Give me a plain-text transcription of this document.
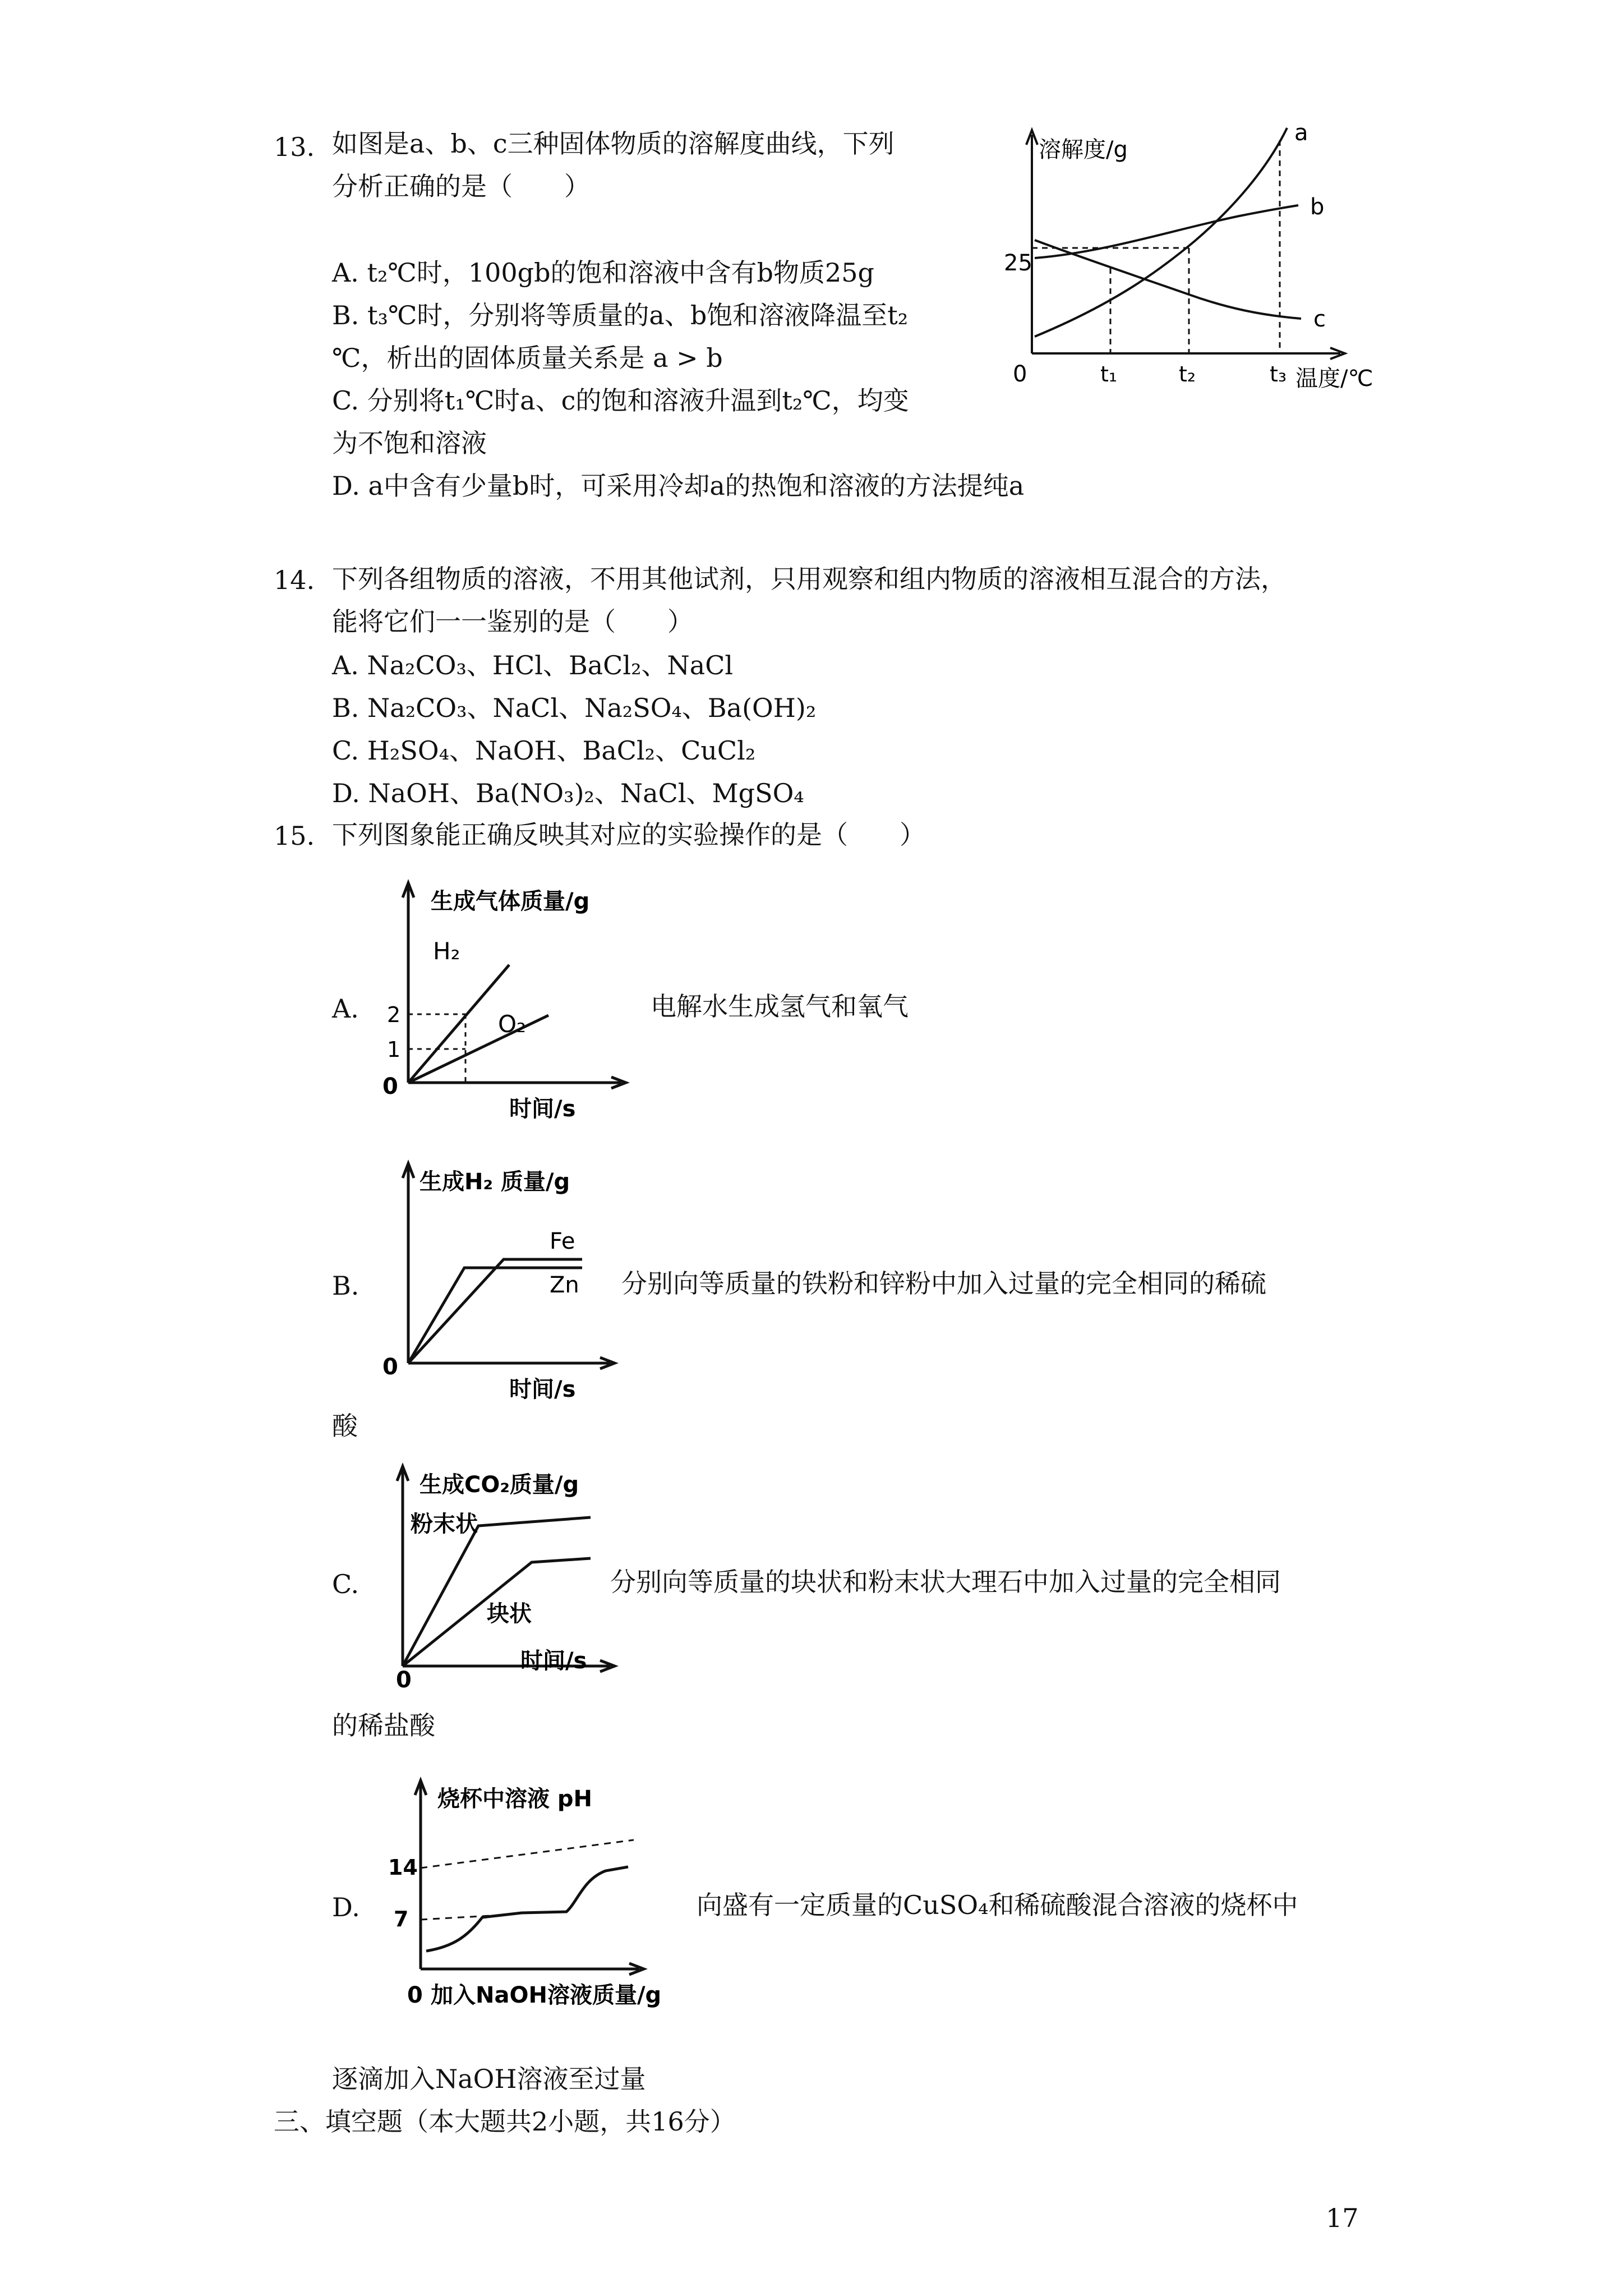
13. 如图是a、b、c三种固体物质的溶解度曲线，下列
分析正确的是（　　）
A. t₂℃时，100gb的饱和溶液中含有b物质25g
B. t₃℃时，分别将等质量的a、b饱和溶液降温至t₂
℃，析出的固体质量关系是 a > b
C. 分别将t₁℃时a、c的饱和溶液升温到t₂℃，均变
为不饱和溶液
D. a中含有少量b时，可采用冷却a的热饱和溶液的方法提纯a
溶解度/g
25
0	t₁	t₂	t₃ 温度/℃
a
b
c
14. 下列各组物质的溶液，不用其他试剂，只用观察和组内物质的溶液相互混合的方法，
能将它们一一鉴别的是（　　）
A. Na₂CO₃、HCl、BaCl₂、NaCl
B. Na₂CO₃、NaCl、Na₂SO₄、Ba(OH)₂
C. H₂SO₄、NaOH、BaCl₂、CuCl₂
D. NaOH、Ba(NO₃)₂、NaCl、MgSO₄
15. 下列图象能正确反映其对应的实验操作的是（　　）
A.
生成气体质量/g
2
1
0
时间/s
H₂
O₂
电解水生成氢气和氧气
B.
生成H₂ 质量/g
0
时间/s
Fe
Zn 分别向等质量的铁粉和锌粉中加入过量的完全相同的稀硫
酸
C.
生成CO₂质量/g
0
时间/s
粉末状
块状
分别向等质量的块状和粉末状大理石中加入过量的完全相同
的稀盐酸
D.
烧杯中溶液 pH
14
7
0 加入NaOH溶液质量/g
向盛有一定质量的CuSO₄和稀硫酸混合溶液的烧杯中
逐滴加入NaOH溶液至过量
三、填空题（本大题共2小题，共16分）
17
